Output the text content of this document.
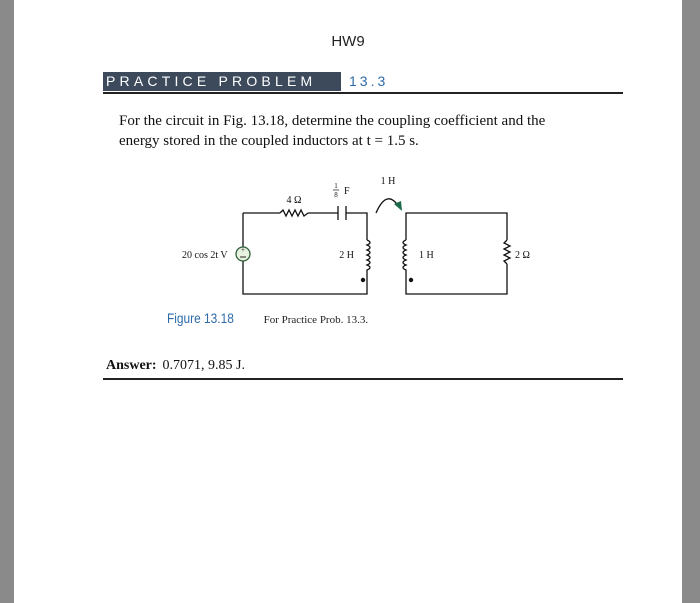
HW9
PRACTICE PROBLEM	13.3
For the circuit in Fig. 13.18, determine the coupling coefficient and the
energy stored in the coupled inductors at t = 1.5 s.
+
4 Ω
1
8 F
1 H
20 cos 2t V	2 H	1 H	2 Ω
Figure 13.18	For Practice Prob. 13.3.
Answer: 0.7071, 9.85 J.
